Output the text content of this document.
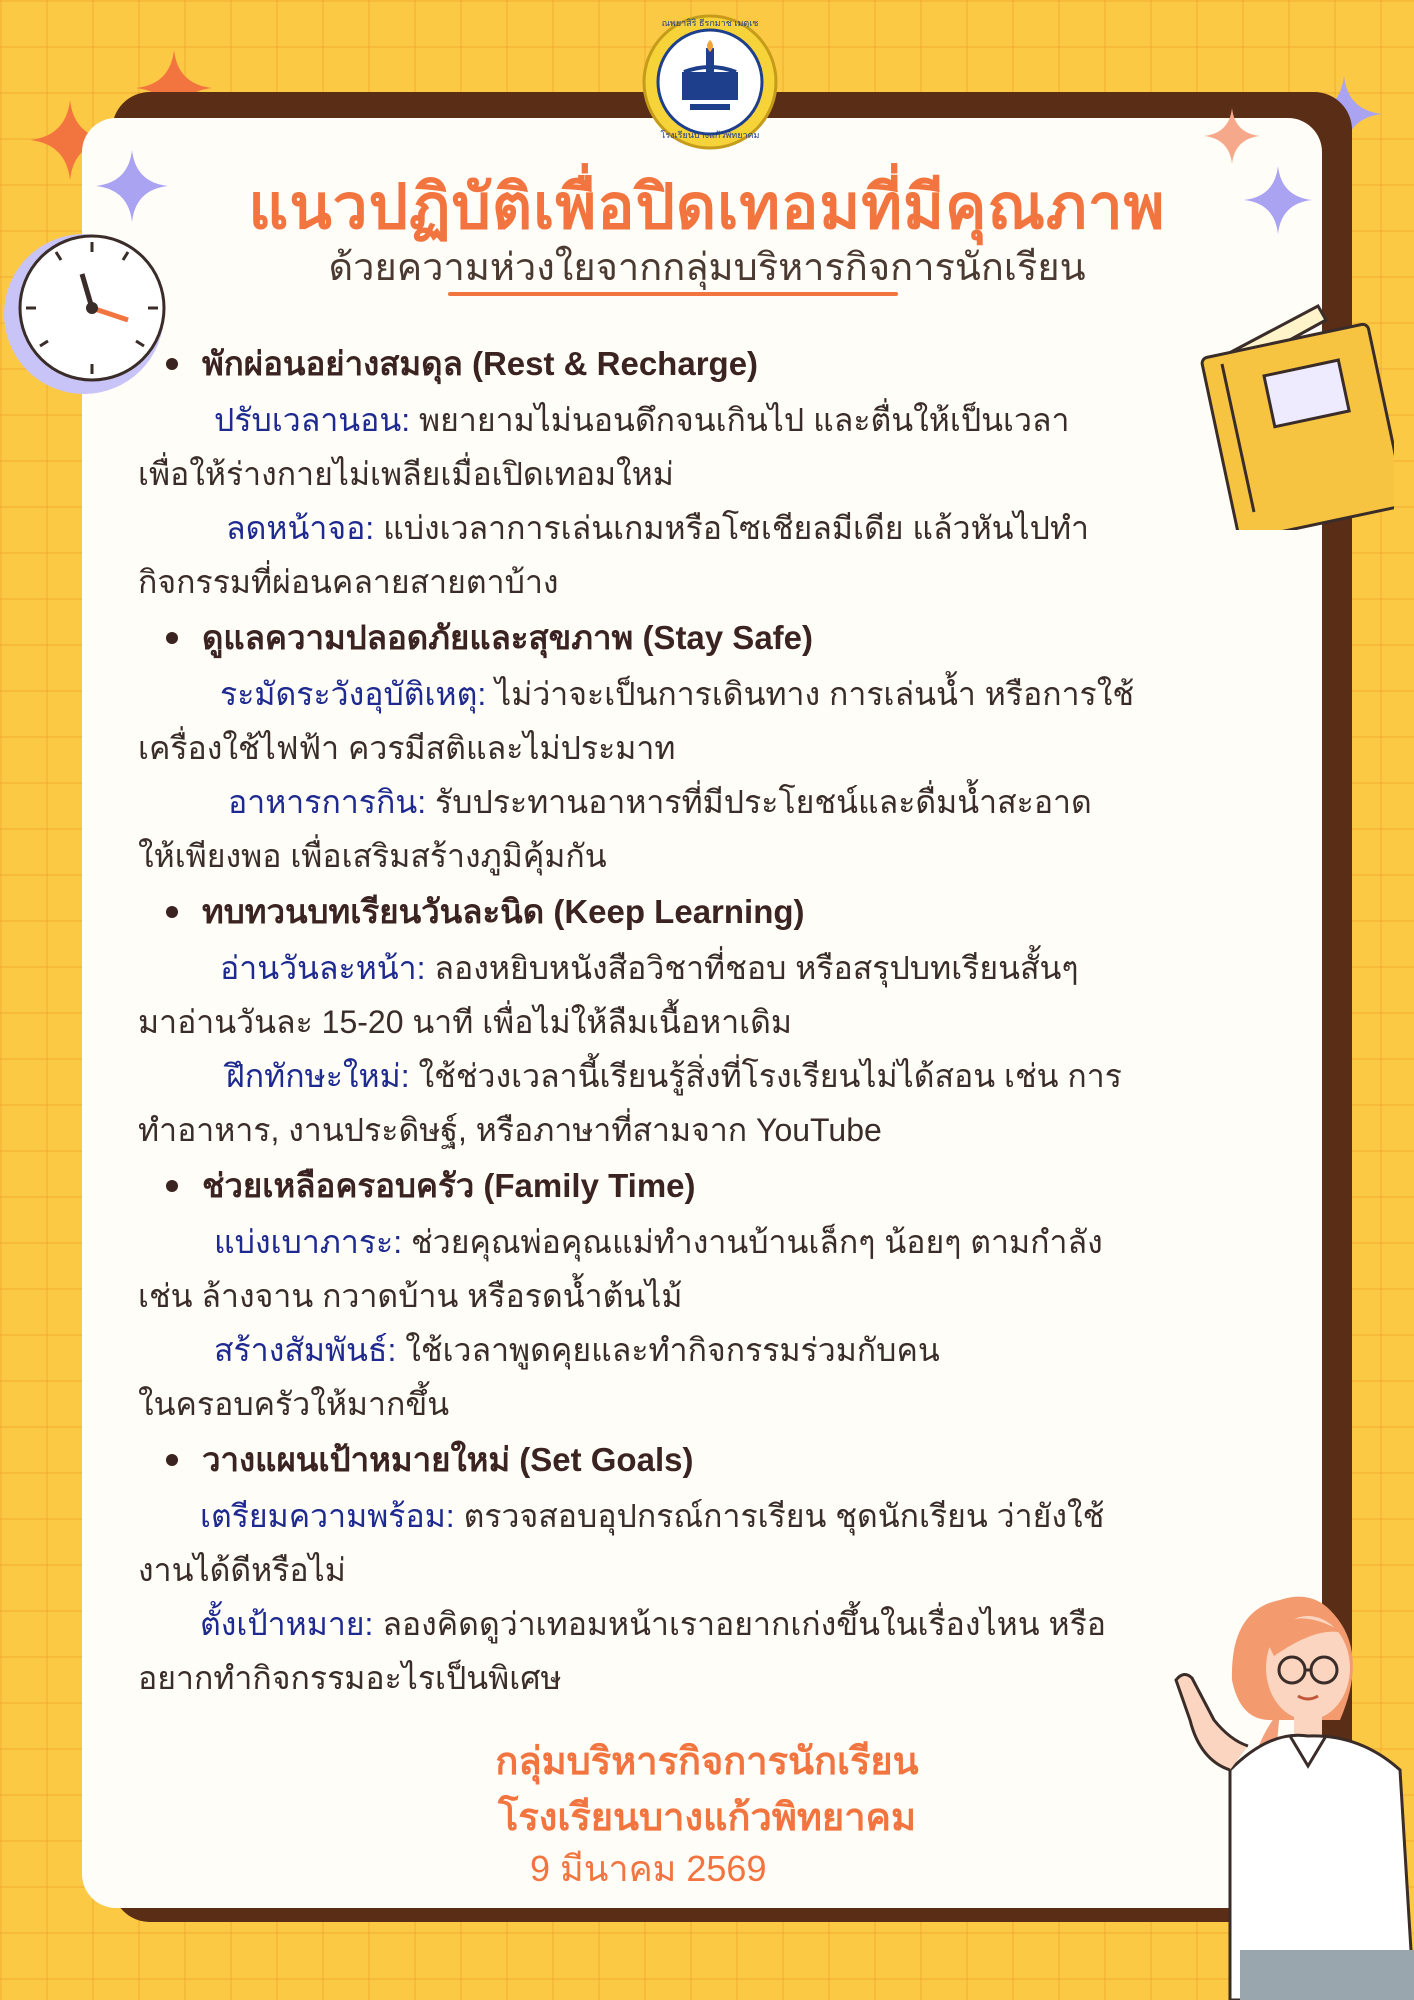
ณพยาสิริ ธีรกมาช เมตฺเช
โรงเรียนบางแก้วพิทยาคม
แนวปฏิบัติเพื่อปิดเทอมที่มีคุณภาพ

ด้วยความห่วงใยจากกลุ่มบริหารกิจการนักเรียน

พักผ่อนอย่างสมดุล (Rest & Recharge)

ปรับเวลานอน: พยายามไม่นอนดึกจนเกินไป และตื่นให้เป็นเวลา
เพื่อให้ร่างกายไม่เพลียเมื่อเปิดเทอมใหม่

ลดหน้าจอ: แบ่งเวลาการเล่นเกมหรือโซเชียลมีเดีย แล้วหันไปทำ
กิจกรรมที่ผ่อนคลายสายตาบ้าง

ดูแลความปลอดภัยและสุขภาพ (Stay Safe)

ระมัดระวังอุบัติเหตุ: ไม่ว่าจะเป็นการเดินทาง การเล่นน้ำ หรือการใช้
เครื่องใช้ไฟฟ้า ควรมีสติและไม่ประมาท

อาหารการกิน: รับประทานอาหารที่มีประโยชน์และดื่มน้ำสะอาด
ให้เพียงพอ เพื่อเสริมสร้างภูมิคุ้มกัน

ทบทวนบทเรียนวันละนิด (Keep Learning)

อ่านวันละหน้า: ลองหยิบหนังสือวิชาที่ชอบ หรือสรุปบทเรียนสั้นๆ
มาอ่านวันละ 15-20 นาที เพื่อไม่ให้ลืมเนื้อหาเดิม

ฝึกทักษะใหม่: ใช้ช่วงเวลานี้เรียนรู้สิ่งที่โรงเรียนไม่ได้สอน เช่น การ
ทำอาหาร, งานประดิษฐ์, หรือภาษาที่สามจาก YouTube

ช่วยเหลือครอบครัว (Family Time)

แบ่งเบาภาระ: ช่วยคุณพ่อคุณแม่ทำงานบ้านเล็กๆ น้อยๆ ตามกำลัง
เช่น ล้างจาน กวาดบ้าน หรือรดน้ำต้นไม้

สร้างสัมพันธ์: ใช้เวลาพูดคุยและทำกิจกรรมร่วมกับคน
ในครอบครัวให้มากขึ้น

วางแผนเป้าหมายใหม่ (Set Goals)

เตรียมความพร้อม: ตรวจสอบอุปกรณ์การเรียน ชุดนักเรียน ว่ายังใช้
งานได้ดีหรือไม่

ตั้งเป้าหมาย: ลองคิดดูว่าเทอมหน้าเราอยากเก่งขึ้นในเรื่องไหน หรือ
อยากทำกิจกรรมอะไรเป็นพิเศษ

กลุ่มบริหารกิจการนักเรียน
โรงเรียนบางแก้วพิทยาคม
9 มีนาคม 2569
